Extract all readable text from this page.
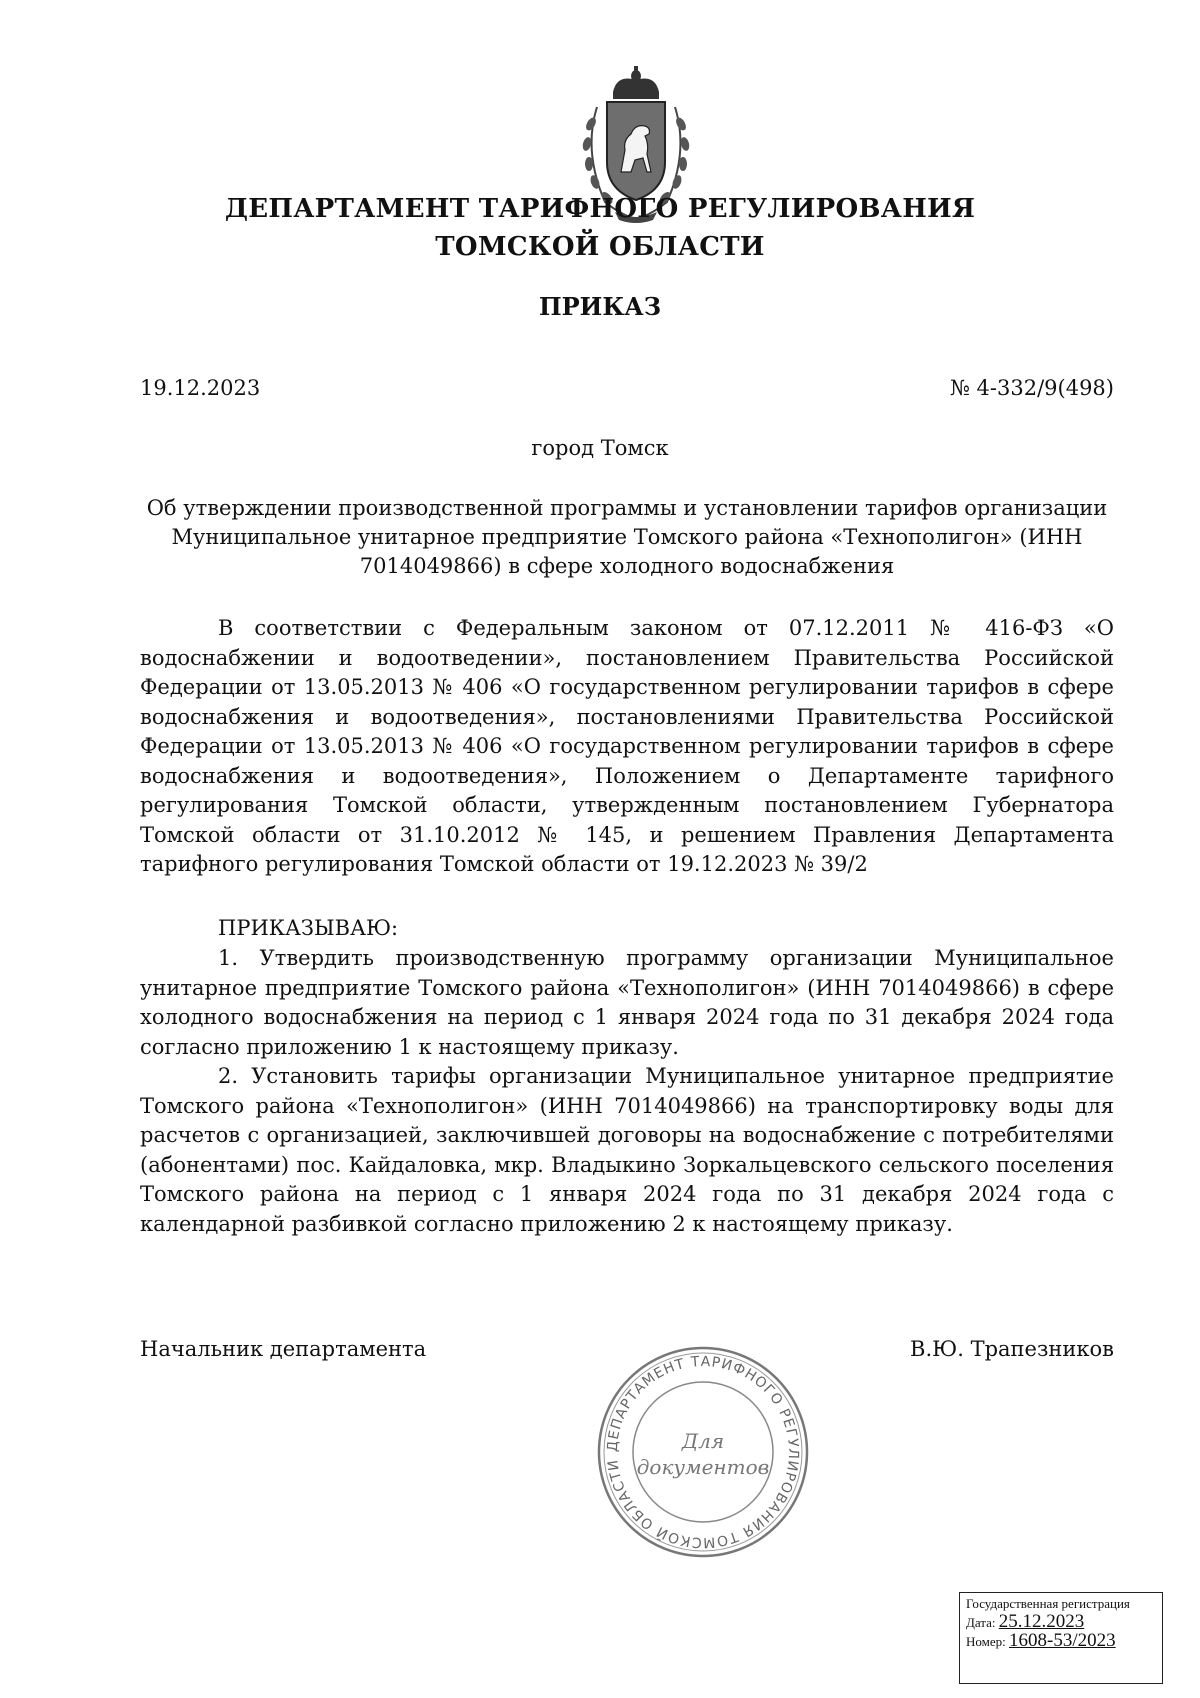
ДЕПАРТАМЕНТ ТАРИФНОГО РЕГУЛИРОВАНИЯ
ТОМСКОЙ ОБЛАСТИ
ПРИКАЗ
19.12.2023	№ 4-332/9(498)
город Томск
Об утверждении производственной программы и установлении тарифов организации Муниципальное унитарное предприятие Томского района «Технополигон» (ИНН 7014049866) в сфере холодного водоснабжения

В соответствии с Федеральным законом от 07.12.2011 № 416-ФЗ «О водоснабжении и водоотведении», постановлением Правительства Российской Федерации от 13.05.2013 № 406 «О государственном регулировании тарифов в сфере водоснабжения и водоотведения», постановлениями Правительства Российской Федерации от 13.05.2013 № 406 «О государственном регулировании тарифов в сфере водоснабжения и водоотведения», Положением о Департаменте тарифного регулирования Томской области, утвержденным постановлением Губернатора Томской области от 31.10.2012 № 145, и решением Правления Департамента тарифного регулирования Томской области от 19.12.2023 № 39/2

ПРИКАЗЫВАЮ:

1. Утвердить производственную программу организации Муниципальное унитарное предприятие Томского района «Технополигон» (ИНН 7014049866) в сфере холодного водоснабжения на период с 1 января 2024 года по 31 декабря 2024 года согласно приложению 1 к настоящему приказу.

2. Установить тарифы организации Муниципальное унитарное предприятие Томского района «Технополигон» (ИНН 7014049866) на транспортировку воды для расчетов с организацией, заключившей договоры на водоснабжение с потребителями (абонентами) пос. Кайдаловка, мкр. Владыкино Зоркальцевского сельского поселения Томского района на период с 1 января 2024 года по 31 декабря 2024 года с календарной разбивкой согласно приложению 2 к настоящему приказу.

Начальник департамента	В.Ю. Трапезников
ДЕПАРТАМЕНТ ТАРИФНОГО РЕГУЛИРОВАНИЯ ТОМСКОЙ ОБЛАСТИ
Для
документов
Государственная регистрация
Дата: 25.12.2023
Номер: 1608-53/2023
